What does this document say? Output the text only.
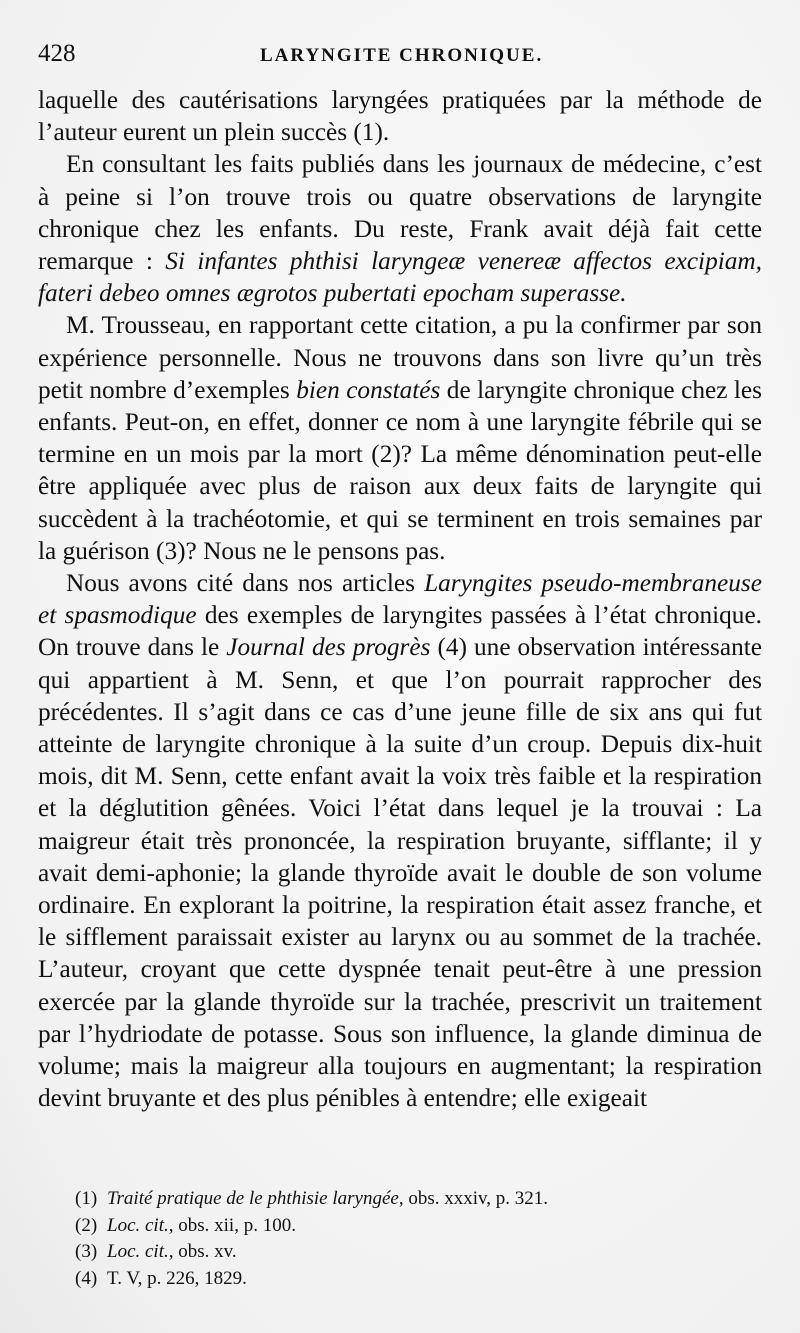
428	LARYNGITE CHRONIQUE.

laquelle des cautérisations laryngées pratiquées par la méthode de l’auteur eurent un plein succès (1).

En consultant les faits publiés dans les journaux de médecine, c’est à peine si l’on trouve trois ou quatre observations de laryngite chronique chez les enfants. Du reste, Frank avait déjà fait cette remarque : Si infantes phthisi laryngeæ venereæ affectos excipiam, fateri debeo omnes ægrotos pubertati epocham superasse.

M. Trousseau, en rapportant cette citation, a pu la confirmer par son expérience personnelle. Nous ne trouvons dans son livre qu’un très petit nombre d’exemples bien constatés de laryngite chronique chez les enfants. Peut-on, en effet, donner ce nom à une laryngite fébrile qui se termine en un mois par la mort (2)? La même dénomination peut-elle être appliquée avec plus de raison aux deux faits de laryngite qui succèdent à la trachéotomie, et qui se terminent en trois semaines par la guérison (3)? Nous ne le pensons pas.

Nous avons cité dans nos articles Laryngites pseudo-membraneuse et spasmodique des exemples de laryngites passées à l’état chronique. On trouve dans le Journal des progrès (4) une observation intéressante qui appartient à M. Senn, et que l’on pourrait rapprocher des précédentes. Il s’agit dans ce cas d’une jeune fille de six ans qui fut atteinte de laryngite chronique à la suite d’un croup. Depuis dix-huit mois, dit M. Senn, cette enfant avait la voix très faible et la respiration et la déglutition gênées. Voici l’état dans lequel je la trouvai : La maigreur était très prononcée, la respiration bruyante, sifflante; il y avait demi-aphonie; la glande thyroïde avait le double de son volume ordinaire. En explorant la poitrine, la respiration était assez franche, et le sifflement paraissait exister au larynx ou au sommet de la trachée. L’auteur, croyant que cette dyspnée tenait peut-être à une pression exercée par la glande thyroïde sur la trachée, prescrivit un traitement par l’hydriodate de potasse. Sous son influence, la glande diminua de volume; mais la maigreur alla toujours en augmentant; la respiration devint bruyante et des plus pénibles à entendre; elle exigeait

(1) Traité pratique de le phthisie laryngée, obs. xxxiv, p. 321.
(2) Loc. cit., obs. xii, p. 100.
(3) Loc. cit., obs. xv.
(4) T. V, p. 226, 1829.
